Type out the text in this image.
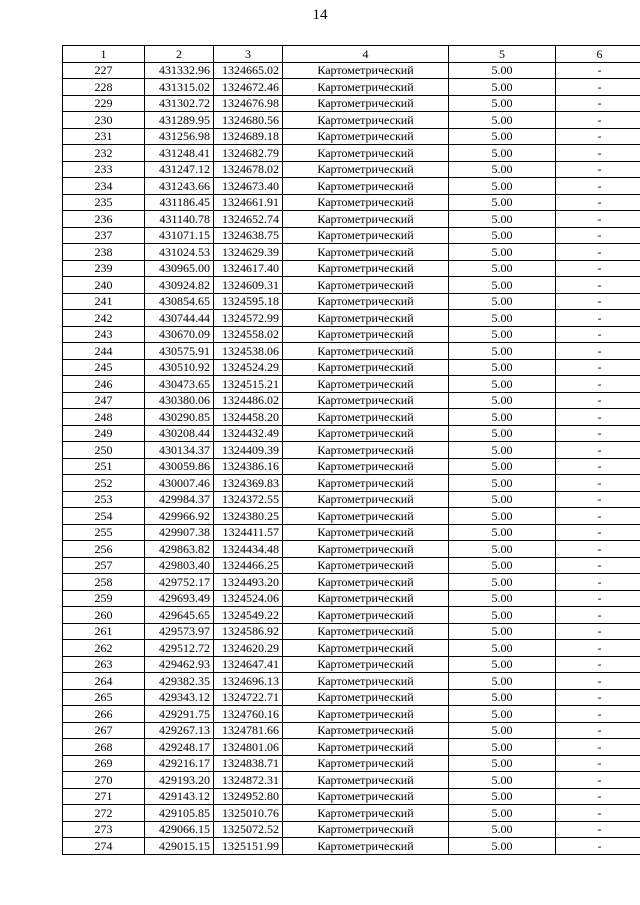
14
1	2	3	4	5	6
227	431332.96	1324665.02	Картометрический	5.00	-
228	431315.02	1324672.46	Картометрический	5.00	-
229	431302.72	1324676.98	Картометрический	5.00	-
230	431289.95	1324680.56	Картометрический	5.00	-
231	431256.98	1324689.18	Картометрический	5.00	-
232	431248.41	1324682.79	Картометрический	5.00	-
233	431247.12	1324678.02	Картометрический	5.00	-
234	431243.66	1324673.40	Картометрический	5.00	-
235	431186.45	1324661.91	Картометрический	5.00	-
236	431140.78	1324652.74	Картометрический	5.00	-
237	431071.15	1324638.75	Картометрический	5.00	-
238	431024.53	1324629.39	Картометрический	5.00	-
239	430965.00	1324617.40	Картометрический	5.00	-
240	430924.82	1324609.31	Картометрический	5.00	-
241	430854.65	1324595.18	Картометрический	5.00	-
242	430744.44	1324572.99	Картометрический	5.00	-
243	430670.09	1324558.02	Картометрический	5.00	-
244	430575.91	1324538.06	Картометрический	5.00	-
245	430510.92	1324524.29	Картометрический	5.00	-
246	430473.65	1324515.21	Картометрический	5.00	-
247	430380.06	1324486.02	Картометрический	5.00	-
248	430290.85	1324458.20	Картометрический	5.00	-
249	430208.44	1324432.49	Картометрический	5.00	-
250	430134.37	1324409.39	Картометрический	5.00	-
251	430059.86	1324386.16	Картометрический	5.00	-
252	430007.46	1324369.83	Картометрический	5.00	-
253	429984.37	1324372.55	Картометрический	5.00	-
254	429966.92	1324380.25	Картометрический	5.00	-
255	429907.38	1324411.57	Картометрический	5.00	-
256	429863.82	1324434.48	Картометрический	5.00	-
257	429803.40	1324466.25	Картометрический	5.00	-
258	429752.17	1324493.20	Картометрический	5.00	-
259	429693.49	1324524.06	Картометрический	5.00	-
260	429645.65	1324549.22	Картометрический	5.00	-
261	429573.97	1324586.92	Картометрический	5.00	-
262	429512.72	1324620.29	Картометрический	5.00	-
263	429462.93	1324647.41	Картометрический	5.00	-
264	429382.35	1324696.13	Картометрический	5.00	-
265	429343.12	1324722.71	Картометрический	5.00	-
266	429291.75	1324760.16	Картометрический	5.00	-
267	429267.13	1324781.66	Картометрический	5.00	-
268	429248.17	1324801.06	Картометрический	5.00	-
269	429216.17	1324838.71	Картометрический	5.00	-
270	429193.20	1324872.31	Картометрический	5.00	-
271	429143.12	1324952.80	Картометрический	5.00	-
272	429105.85	1325010.76	Картометрический	5.00	-
273	429066.15	1325072.52	Картометрический	5.00	-
274	429015.15	1325151.99	Картометрический	5.00	-
